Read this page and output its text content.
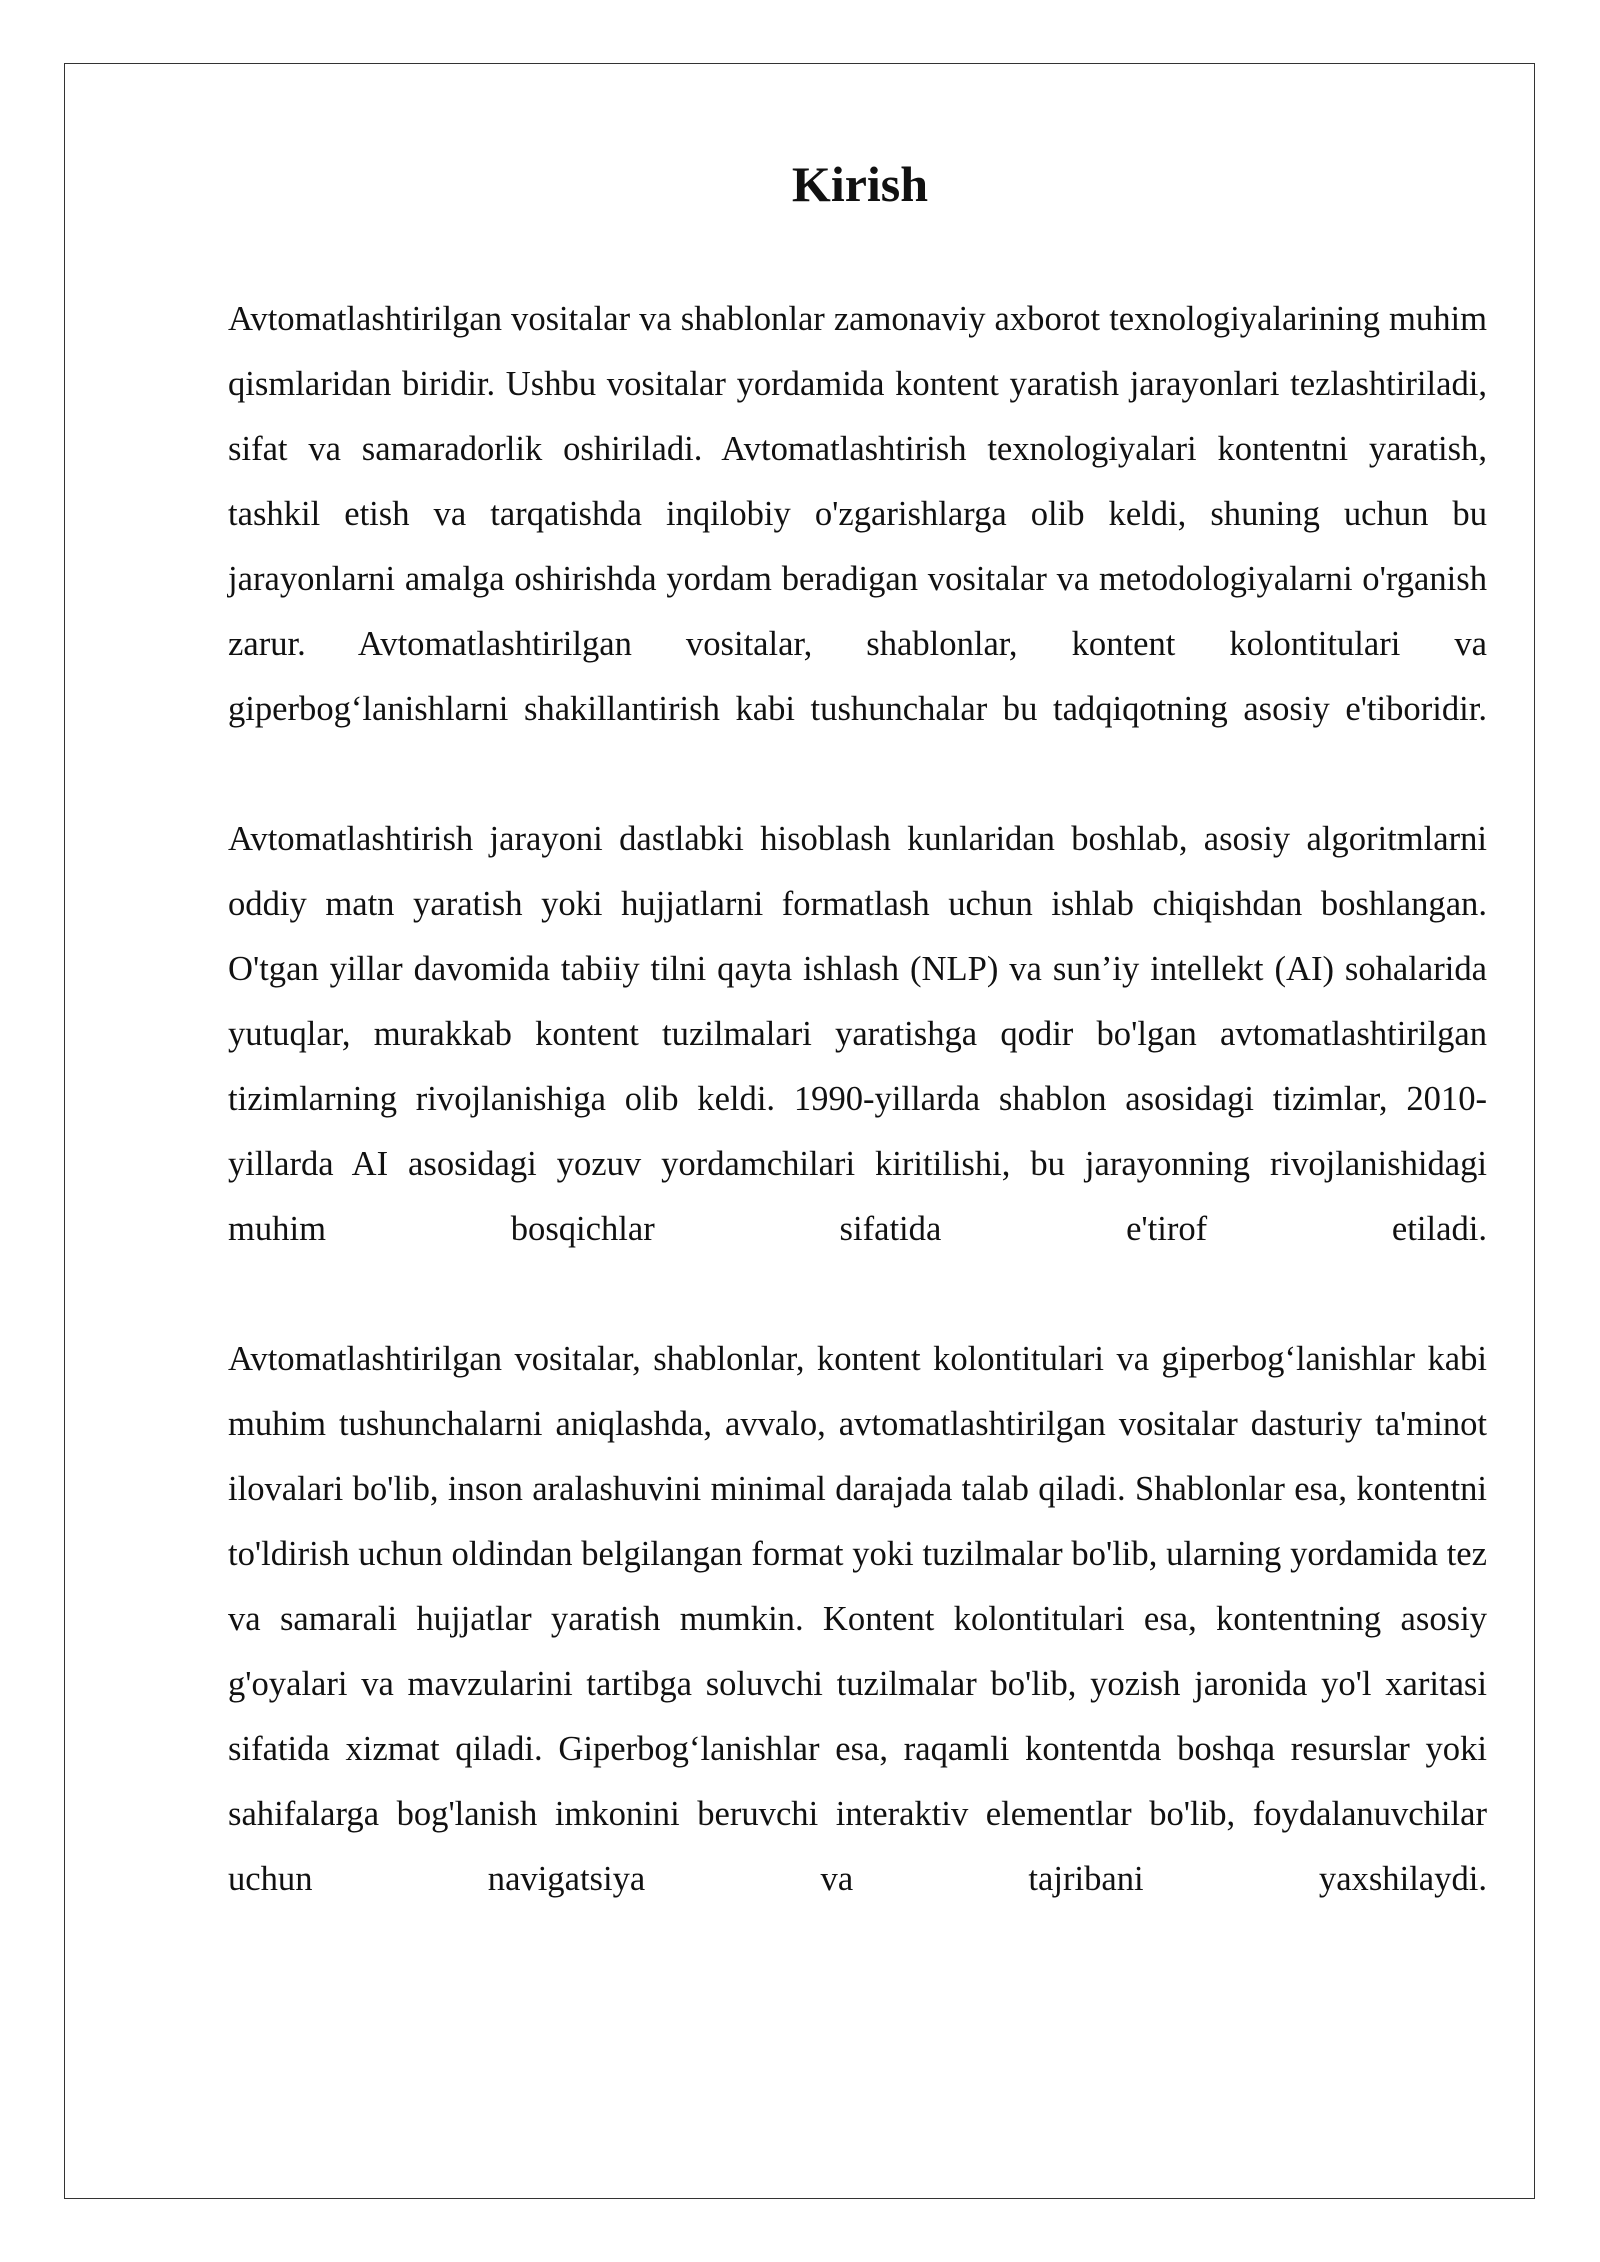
Kirish

Avtomatlashtirilgan vositalar va shablonlar zamonaviy axborot texnologiyalarining muhim qismlaridan biridir. Ushbu vositalar yordamida kontent yaratish jarayonlari tezlashtiriladi, sifat va samaradorlik oshiriladi. Avtomatlashtirish texnologiyalari kontentni yaratish, tashkil etish va tarqatishda inqilobiy o'zgarishlarga olib keldi, shuning uchun bu jarayonlarni amalga oshirishda yordam beradigan vositalar va metodologiyalarni o'rganish zarur. Avtomatlashtirilgan vositalar, shablonlar, kontent kolontitulari va giperbog‘lanishlarni shakillantirish kabi tushunchalar bu tadqiqotning asosiy e'tiboridir.

Avtomatlashtirish jarayoni dastlabki hisoblash kunlaridan boshlab, asosiy algoritmlarni oddiy matn yaratish yoki hujjatlarni formatlash uchun ishlab chiqishdan boshlangan. O'tgan yillar davomida tabiiy tilni qayta ishlash (NLP) va sun’iy intellekt (AI) sohalarida yutuqlar, murakkab kontent tuzilmalari yaratishga qodir bo'lgan avtomatlashtirilgan tizimlarning rivojlanishiga olib keldi. 1990-yillarda shablon asosidagi tizimlar, 2010-yillarda AI asosidagi yozuv yordamchilari kiritilishi, bu jarayonning rivojlanishidagi muhim bosqichlar sifatida e'tirof etiladi.

Avtomatlashtirilgan vositalar, shablonlar, kontent kolontitulari va giperbog‘lanishlar kabi muhim tushunchalarni aniqlashda, avvalo, avtomatlashtirilgan vositalar dasturiy ta'minot ilovalari bo'lib, inson aralashuvini minimal darajada talab qiladi. Shablonlar esa, kontentni to'ldirish uchun oldindan belgilangan format yoki tuzilmalar bo'lib, ularning yordamida tez va samarali hujjatlar yaratish mumkin. Kontent kolontitulari esa, kontentning asosiy g'oyalari va mavzularini tartibga soluvchi tuzilmalar bo'lib, yozish jaronida yo'l xaritasi sifatida xizmat qiladi. Giperbog‘lanishlar esa, raqamli kontentda boshqa resurslar yoki sahifalarga bog'lanish imkonini beruvchi interaktiv elementlar bo'lib, foydalanuvchilar uchun navigatsiya va tajribani yaxshilaydi.
